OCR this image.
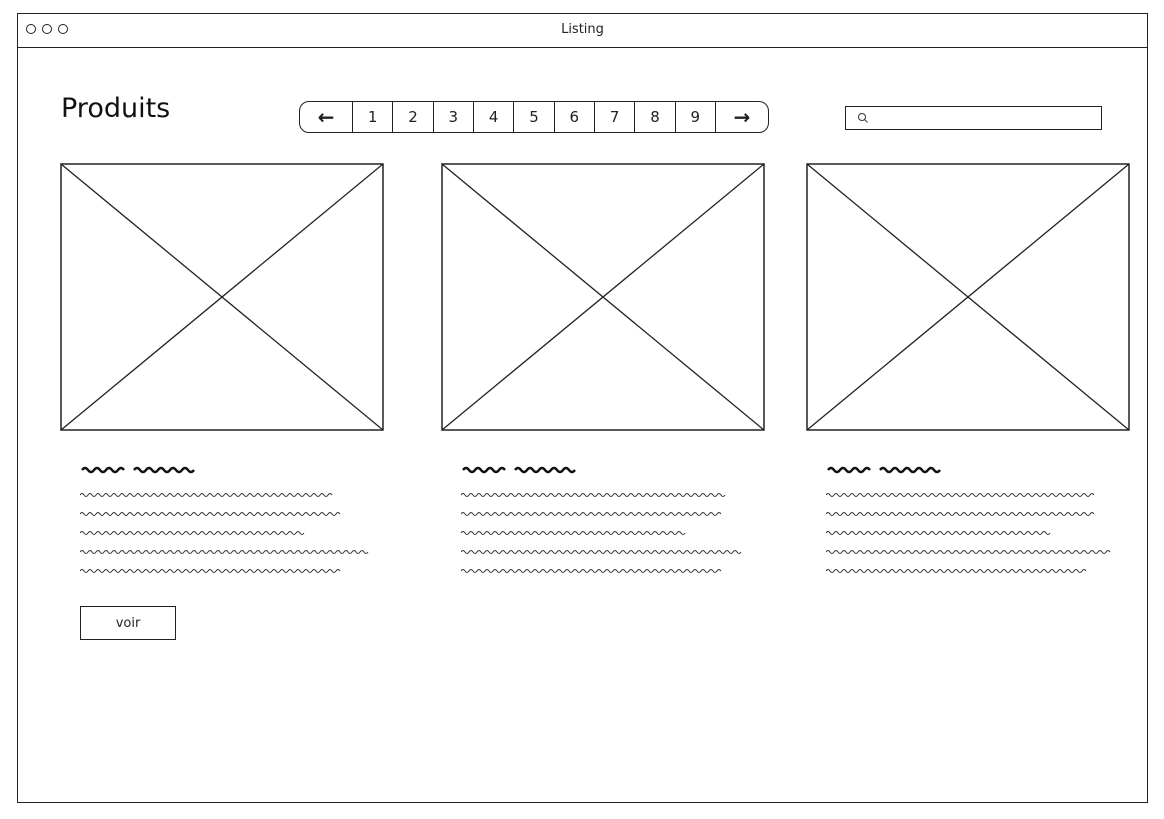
Listing
Produits	←	1	2	3	4	5	6	7	8	9	→
voir
